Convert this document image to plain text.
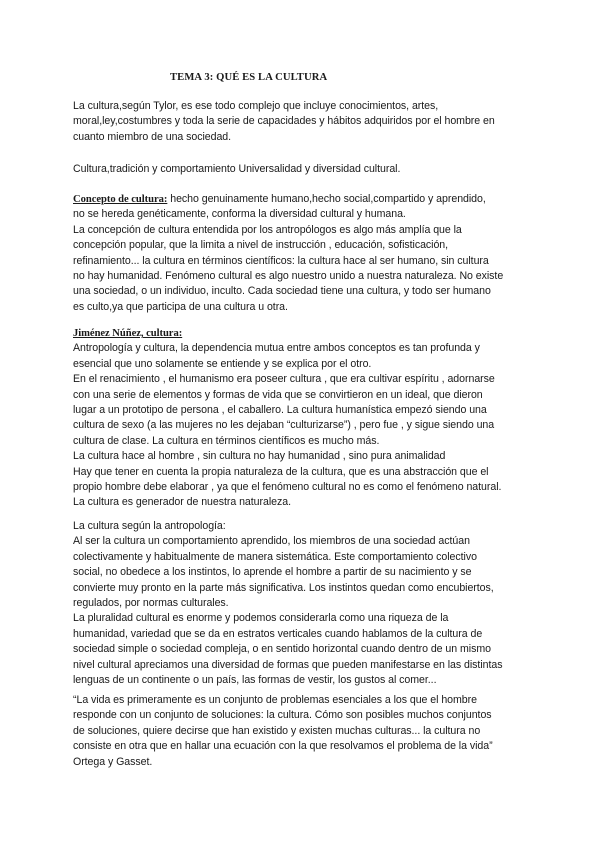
TEMA 3: QUÉ ES LA CULTURA
La cultura,según Tylor, es ese todo complejo que incluye conocimientos, artes,
moral,ley,costumbres y toda la serie de capacidades y hábitos adquiridos por el hombre en
cuanto miembro de una sociedad.
Cultura,tradición y comportamiento Universalidad y diversidad cultural.
Concepto de cultura: hecho genuinamente humano,hecho social,compartido y aprendido,
no se hereda genéticamente, conforma la diversidad cultural y humana.
La concepción de cultura entendida por los antropólogos es algo más amplía que la
concepción popular, que la limita a nivel de instrucción , educación, sofisticación,
refinamiento... la cultura en términos científicos: la cultura hace al ser humano, sin cultura
no hay humanidad. Fenómeno cultural es algo nuestro unido a nuestra naturaleza. No existe
una sociedad, o un individuo, inculto. Cada sociedad tiene una cultura, y todo ser humano
es culto,ya que participa de una cultura u otra.
Jiménez Núñez, cultura:
Antropología y cultura, la dependencia mutua entre ambos conceptos es tan profunda y
esencial que uno solamente se entiende y se explica por el otro.
En el renacimiento , el humanismo era poseer cultura , que era cultivar espíritu , adornarse
con una serie de elementos y formas de vida que se convirtieron en un ideal, que dieron
lugar a un prototipo de persona , el caballero. La cultura humanística empezó siendo una
cultura de sexo (a las mujeres no les dejaban “culturizarse”) , pero fue , y sigue siendo una
cultura de clase. La cultura en términos científicos es mucho más.
La cultura hace al hombre , sin cultura no hay humanidad , sino pura animalidad
Hay que tener en cuenta la propia naturaleza de la cultura, que es una abstracción que el
propio hombre debe elaborar , ya que el fenómeno cultural no es como el fenómeno natural.
La cultura es generador de nuestra naturaleza.
La cultura según la antropología:
Al ser la cultura un comportamiento aprendido, los miembros de una sociedad actúan
colectivamente y habitualmente de manera sistemática. Este comportamiento colectivo
social, no obedece a los instintos, lo aprende el hombre a partir de su nacimiento y se
convierte muy pronto en la parte más significativa. Los instintos quedan como encubiertos,
regulados, por normas culturales.
La pluralidad cultural es enorme y podemos considerarla como una riqueza de la
humanidad, variedad que se da en estratos verticales cuando hablamos de la cultura de
sociedad simple o sociedad compleja, o en sentido horizontal cuando dentro de un mismo
nivel cultural apreciamos una diversidad de formas que pueden manifestarse en las distintas
lenguas de un continente o un país, las formas de vestir, los gustos al comer...
“La vida es primeramente es un conjunto de problemas esenciales a los que el hombre
responde con un conjunto de soluciones: la cultura. Cómo son posibles muchos conjuntos
de soluciones, quiere decirse que han existido y existen muchas culturas... la cultura no
consiste en otra que en hallar una ecuación con la que resolvamos el problema de la vida”
Ortega y Gasset.
